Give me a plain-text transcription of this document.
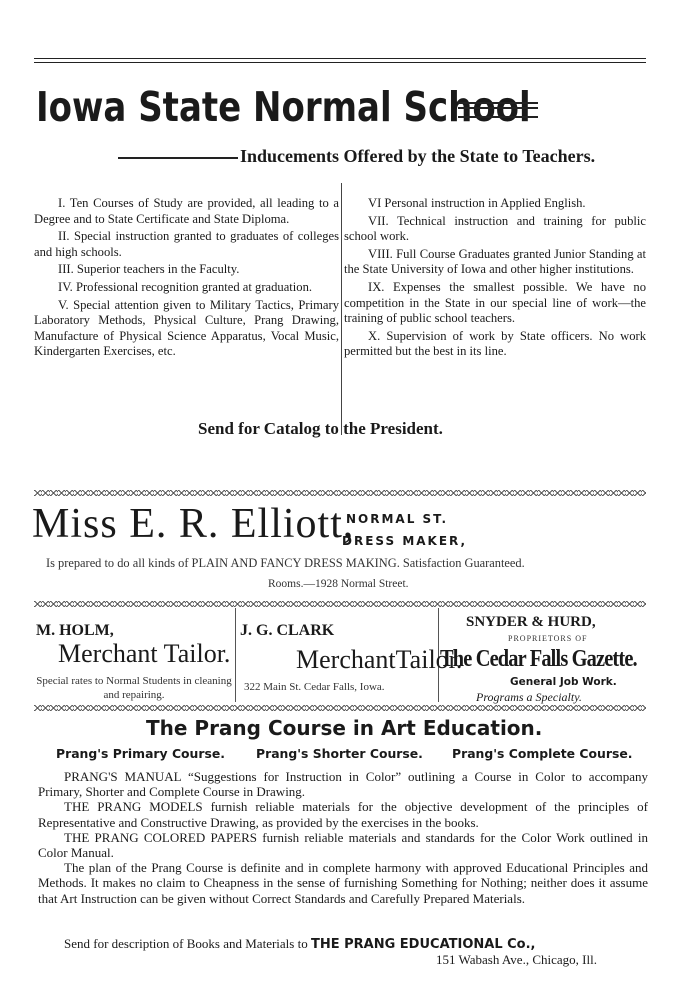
Iowa State Normal School
Inducements Offered by the State to Teachers.

I. Ten Courses of Study are provided, all leading to a Degree and to State Certificate and State Diploma.

II. Special instruction granted to graduates of colleges and high schools.

III. Superior teachers in the Faculty.

IV. Professional recognition granted at graduation.

V. Special attention given to Military Tactics, Primary Laboratory Methods, Physical Culture, Prang Drawing, Manufacture of Physical Science Apparatus, Vocal Music, Kindergarten Exercises, etc.

VI Personal instruction in Applied English.

VII. Technical instruction and training for public school work.

VIII. Full Course Graduates granted Junior Standing at the State University of Iowa and other higher institutions.

IX. Expenses the smallest possible. We have no competition in the State in our special line of work—the training of public school teachers.

X. Supervision of work by State officers. No work permitted but the best in its line.

Send for Catalog to the President.
Miss E. R. Elliott,
NORMAL ST.
DRESS MAKER,
Is prepared to do all kinds of PLAIN AND FANCY DRESS MAKING. Satisfaction Guaranteed.
Rooms.—1928 Normal Street.
M. HOLM,
Merchant Tailor.
Special rates to Normal Students in cleaning and repairing.
J. G. CLARK
MerchantTailor.
322 Main St. Cedar Falls, Iowa.
SNYDER & HURD,
PROPRIETORS OF
The Cedar Falls Gazette.
General Job Work.
Programs a Specialty.
The Prang Course in Art Education.
Prang's Primary Course.	Prang's Shorter Course. Prang's Complete Course.

PRANG'S MANUAL “Suggestions for Instruction in Color” outlining a Course in Color to accompany Primary, Shorter and Complete Course in Drawing.

THE PRANG MODELS furnish reliable materials for the objective development of the principles of Representative and Constructive Drawing, as provided by the exercises in the books.

THE PRANG COLORED PAPERS furnish reliable materials and standards for the Color Work outlined in Color Manual.

The plan of the Prang Course is definite and in complete harmony with approved Educational Principles and Methods. It makes no claim to Cheapness in the sense of furnishing Something for Nothing; neither does it assume that Art Instruction can be given without Correct Standards and Carefully Prepared Materials.

Send for description of Books and Materials to THE PRANG EDUCATIONAL Co.,
151 Wabash Ave., Chicago, Ill.
